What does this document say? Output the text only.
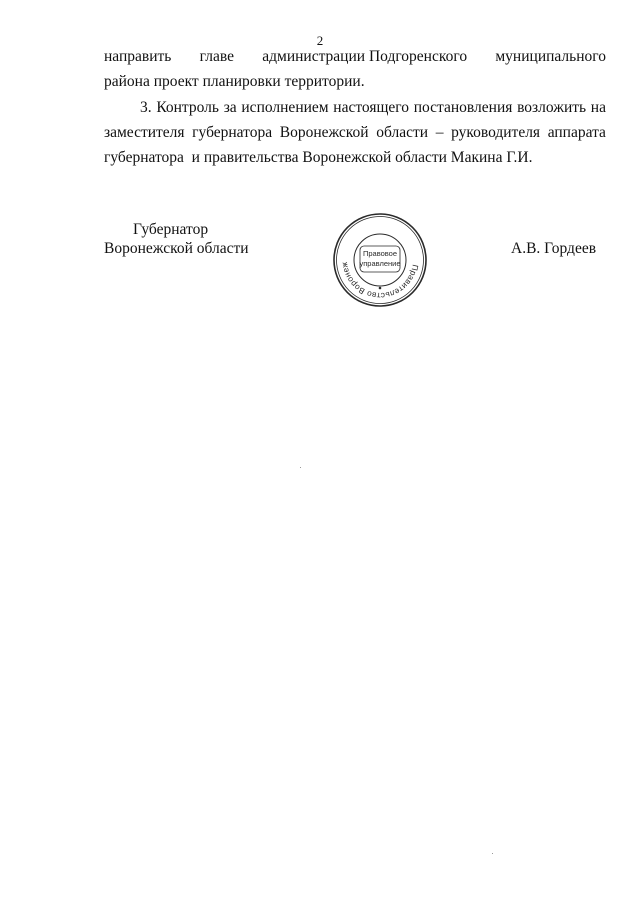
2
направить главе администрации Подгоренского муниципального
района проект планировки территории.
3. Контроль за исполнением настоящего постановления возложить на
заместителя губернатора Воронежской области – руководителя аппарата
губернатора  и правительства Воронежской области Макина Г.И.
Губернатор
Воронежской области	А.В. Гордеев
Правительство Воронеж
Правовое
управление
